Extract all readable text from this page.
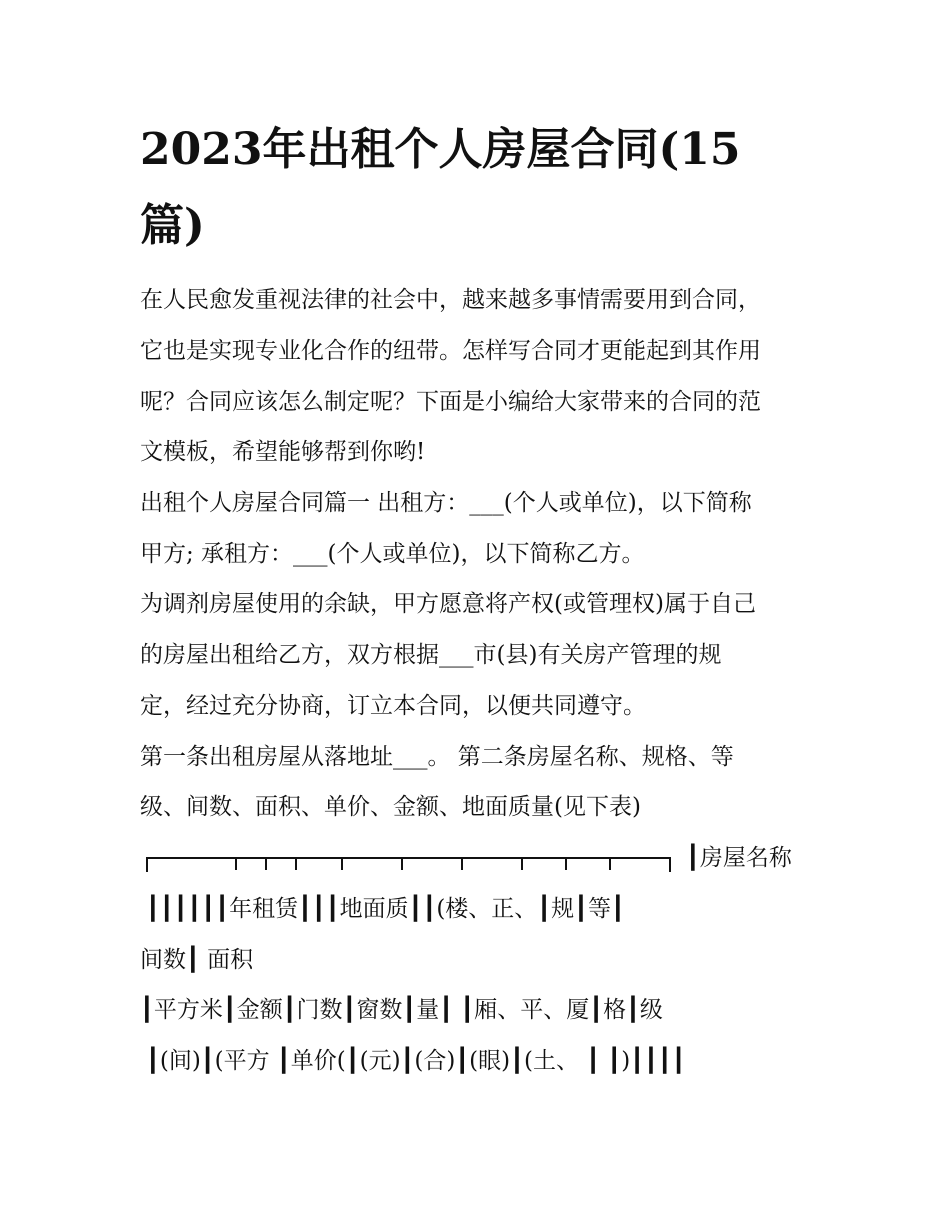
2023年出租个人房屋合同(15
篇)
在人民愈发重视法律的社会中，越来越多事情需要用到合同，
它也是实现专业化合作的纽带。怎样写合同才更能起到其作用
呢？合同应该怎么制定呢？下面是小编给大家带来的合同的范
文模板，希望能够帮到你哟!
出租个人房屋合同篇一 出租方：___(个人或单位)，以下简称
甲方; 承租方：___(个人或单位)，以下简称乙方。
为调剂房屋使用的余缺，甲方愿意将产权(或管理权)属于自己
的房屋出租给乙方，双方根据___市(县)有关房产管理的规
定，经过充分协商，订立本合同，以便共同遵守。
第一条出租房屋从落地址___。 第二条房屋名称、规格、等
级、间数、面积、单价、金额、地面质量(见下表)
┃房屋名称
┃┃┃┃┃┃年租赁┃┃┃地面质┃┃(楼、正、┃规┃等┃
间数┃ 面积
┃平方米┃金额┃门数┃窗数┃量┃ ┃厢、平、厦┃格┃级
┃(间)┃(平方 ┃单价(┃(元)┃(合)┃(眼)┃(土、 ┃ ┃)┃┃┃┃
